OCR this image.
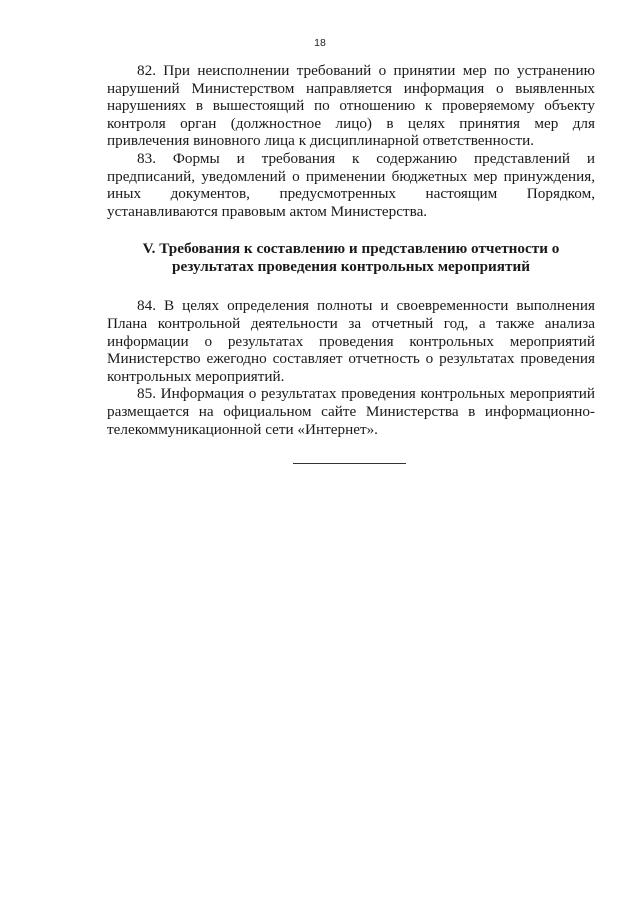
18

82. При неисполнении требований о принятии мер по устранению нарушений Министерством направляется информация о выявленных нарушениях в вышестоящий по отношению к проверяемому объекту контроля орган (должностное лицо) в целях принятия мер для привлечения виновного лица к дисциплинарной ответственности.

83. Формы и требования к содержанию представлений и предписаний, уведомлений о применении бюджетных мер принуждения, иных документов, предусмотренных настоящим Порядком, устанавливаются правовым актом Министерства.

V. Требования к составлению и представлению отчетности о
результатах проведения контрольных мероприятий

84. В целях определения полноты и своевременности выполнения Плана контрольной деятельности за отчетный год, а также анализа информации о результатах проведения контрольных мероприятий Министерство ежегодно составляет отчетность о результатах проведения контрольных мероприятий.

85. Информация о результатах проведения контрольных мероприятий размещается на официальном сайте Министерства в информационно-телекоммуникационной сети «Интернет».
